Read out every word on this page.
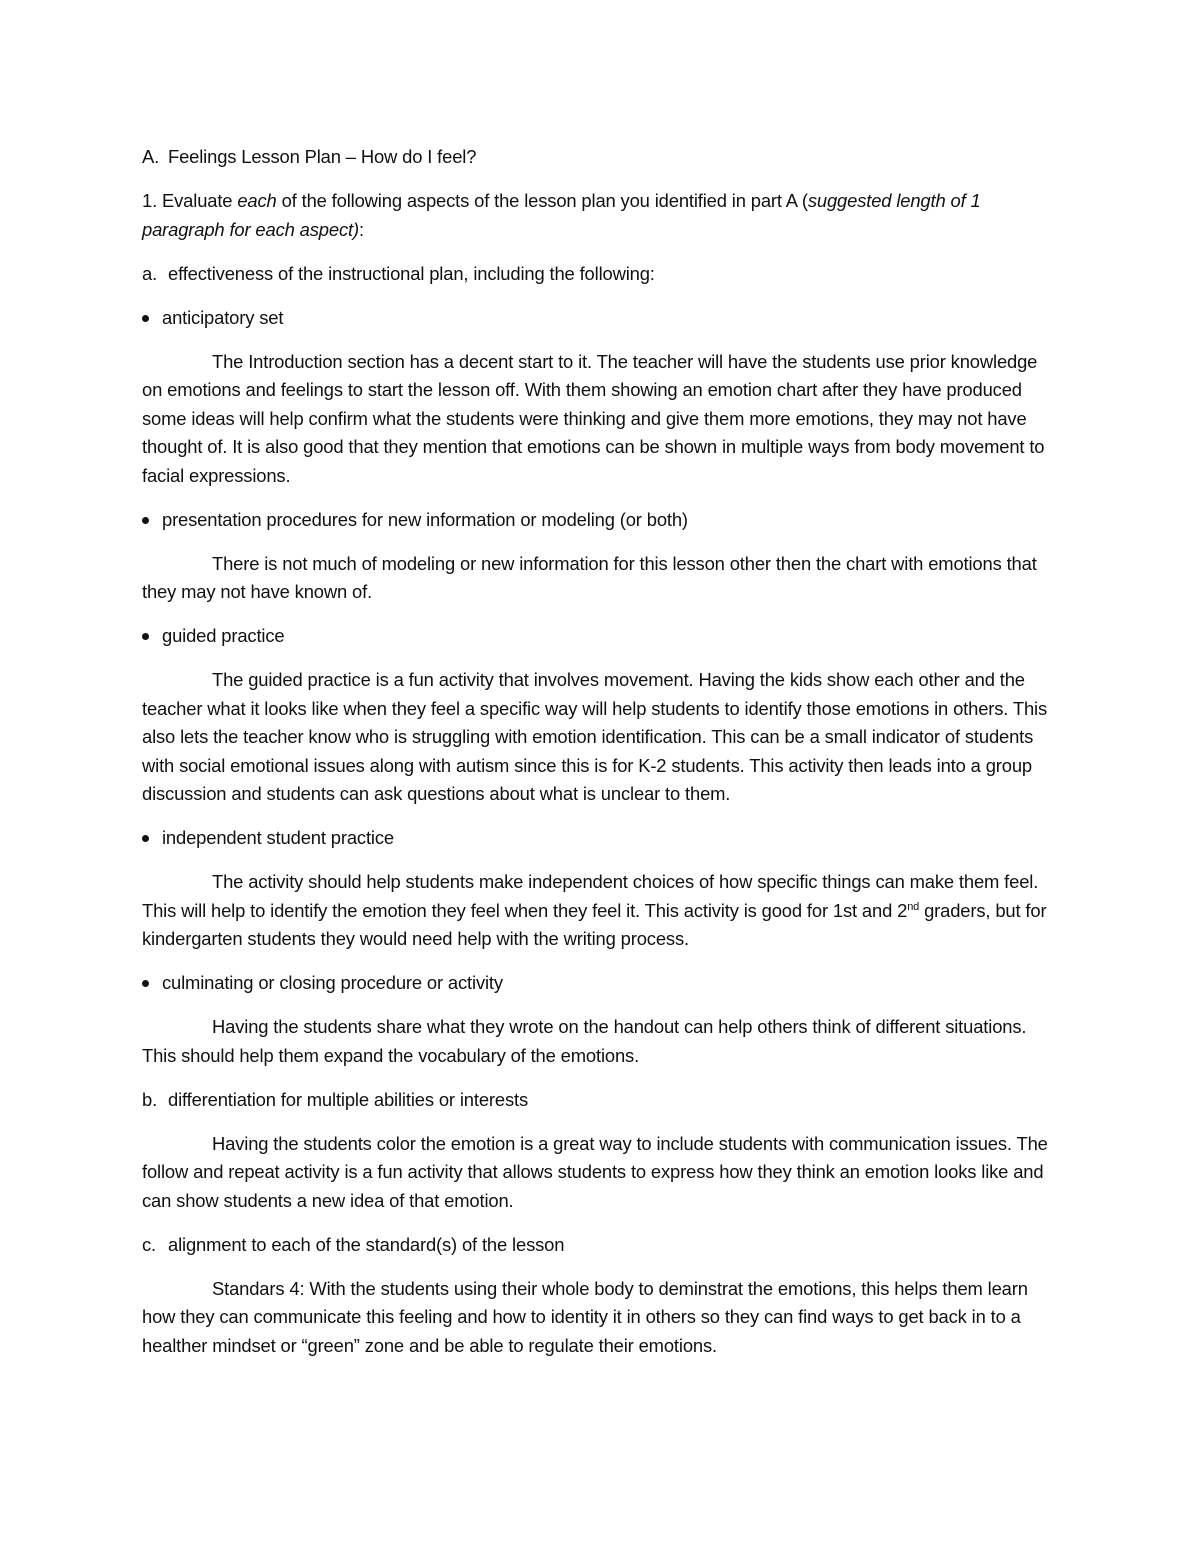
A. Feelings Lesson Plan – How do I feel?

1. Evaluate each of the following aspects of the lesson plan you identified in part A (suggested length of 1 paragraph for each aspect):

a. effectiveness of the instructional plan, including the following:

anticipatory set

The Introduction section has a decent start to it. The teacher will have the students use prior knowledge on emotions and feelings to start the lesson off. With them showing an emotion chart after they have produced some ideas will help confirm what the students were thinking and give them more emotions, they may not have thought of. It is also good that they mention that emotions can be shown in multiple ways from body movement to facial expressions.

presentation procedures for new information or modeling (or both)

There is not much of modeling or new information for this lesson other then the chart with emotions that they may not have known of.

guided practice

The guided practice is a fun activity that involves movement. Having the kids show each other and the teacher what it looks like when they feel a specific way will help students to identify those emotions in others. This also lets the teacher know who is struggling with emotion identification. This can be a small indicator of students with social emotional issues along with autism since this is for K-2 students. This activity then leads into a group discussion and students can ask questions about what is unclear to them.

independent student practice

The activity should help students make independent choices of how specific things can make them feel. This will help to identify the emotion they feel when they feel it. This activity is good for 1st and 2nd graders, but for kindergarten students they would need help with the writing process.

culminating or closing procedure or activity

Having the students share what they wrote on the handout can help others think of different situations. This should help them expand the vocabulary of the emotions.

b. differentiation for multiple abilities or interests

Having the students color the emotion is a great way to include students with communication issues. The follow and repeat activity is a fun activity that allows students to express how they think an emotion looks like and can show students a new idea of that emotion.

c. alignment to each of the standard(s) of the lesson

Standars 4: With the students using their whole body to deminstrat the emotions, this helps them learn how they can communicate this feeling and how to identity it in others so they can find ways to get back in to a healther mindset or “green” zone and be able to regulate their emotions.
